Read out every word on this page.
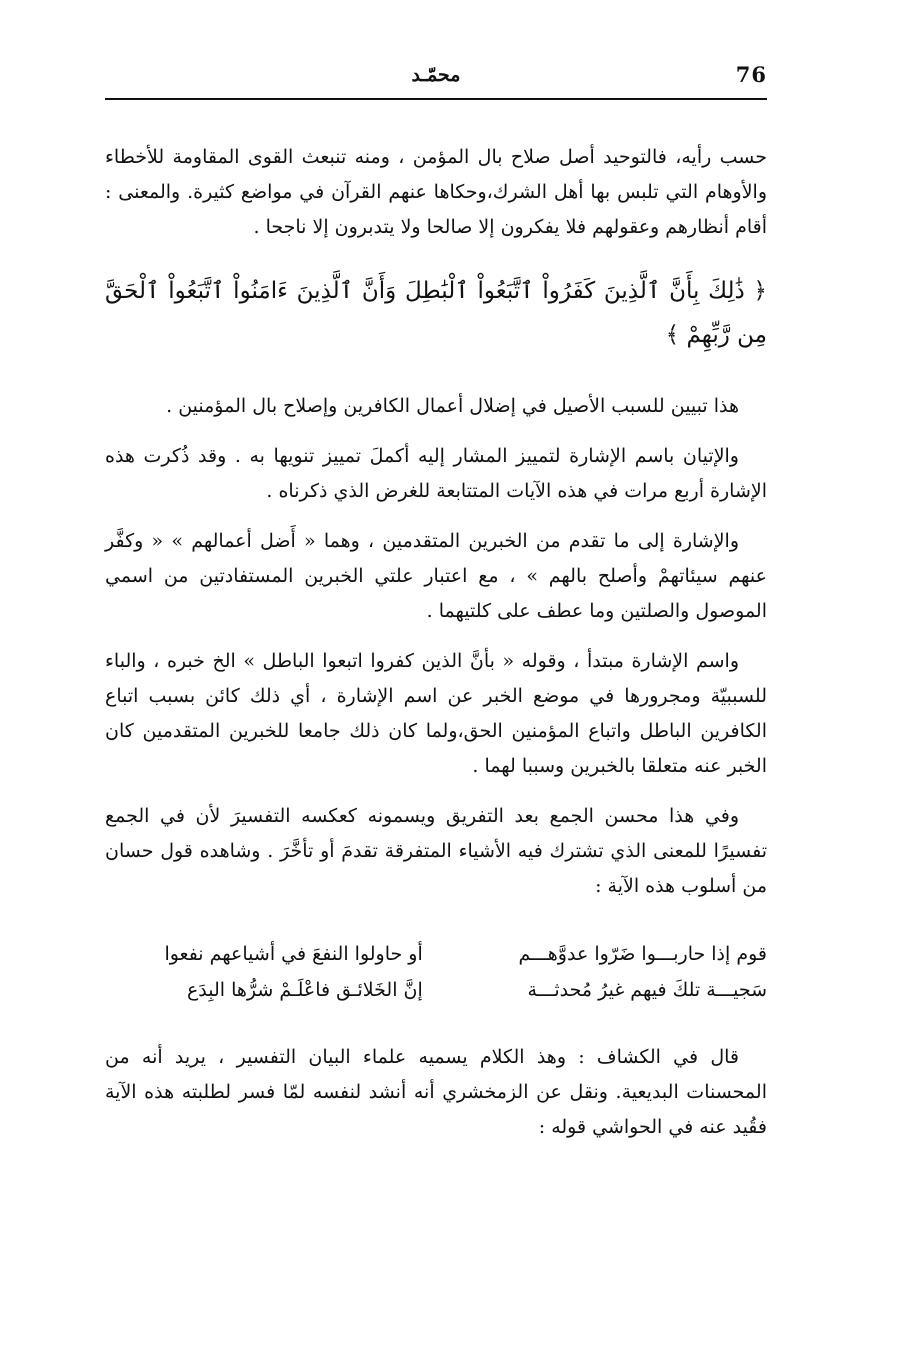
76
محمّـد

حسب رأيه، فالتوحيد أصل صلاح بال المؤمن ، ومنه تنبعث القوى المقاومة للأخطاء والأوهام التي تلبس بها أهل الشرك،وحكاها عنهم القرآن في مواضع كثيرة. والمعنى : أقام أنظارهم وعقولهم فلا يفكرون إلا صالحا ولا يتدبرون إلا ناجحا .

﴿ ذَٰلِكَ بِأَنَّ ٱلَّذِينَ كَفَرُواْ ٱتَّبَعُواْ ٱلْبَٰطِلَ وَأَنَّ ٱلَّذِينَ ءَامَنُواْ ٱتَّبَعُواْ ٱلْحَقَّ مِن رَّبِّهِمْ ﴾

هذا تبيين للسبب الأصيل في إضلال أعمال الكافرين وإصلاح بال المؤمنين .

والإتيان باسم الإشارة لتمييز المشار إليه أكملَ تمييز تنويها به . وقد ذُكرت هذه الإشارة أربع مرات في هذه الآيات المتتابعة للغرض الذي ذكرناه .

والإشارة إلى ما تقدم من الخبرين المتقدمين ، وهما « أَضل أعمالهم » « وكفَّر عنهم سيئاتهمْ وأصلح بالهم » ، مع اعتبار علتي الخبرين المستفادتين من اسمي الموصول والصلتين وما عطف على كلتيهما .

واسم الإشارة مبتدأ ، وقوله « بأنَّ الذين كفروا اتبعوا الباطل » الخ خبره ، والباء للسببيّة ومجرورها في موضع الخبر عن اسم الإشارة ، أي ذلك كائن بسبب اتباع الكافرين الباطل واتباع المؤمنين الحق،ولما كان ذلك جامعا للخبرين المتقدمين كان الخبر عنه متعلقا بالخبرين وسببا لهما .

وفي هذا محسن الجمع بعد التفريق ويسمونه كعكسه التفسيرَ لأن في الجمع تفسيرًا للمعنى الذي تشترك فيه الأشياء المتفرقة تقدمَ أو تأخَّرَ . وشاهده قول حسان من أسلوب هذه الآية :

قوم إذا حاربـــوا ضَرّوا عدوَّهـــم
أو حاولوا النفعَ في أشياعهم نفعوا
سَجيـــة تلكَ فيهم غيرُ مُحدثـــة
إنَّ الخَلائـق فاعْلَـمْ شرُّها البِدَع

قال في الكشاف : وهذ الكلام يسميه علماء البيان التفسير ، يريد أنه من المحسنات البديعية. ونقل عن الزمخشري أنه أنشد لنفسه لمّا فسر لطلبته هذه الآية فقُيد عنه في الحواشي قوله :
